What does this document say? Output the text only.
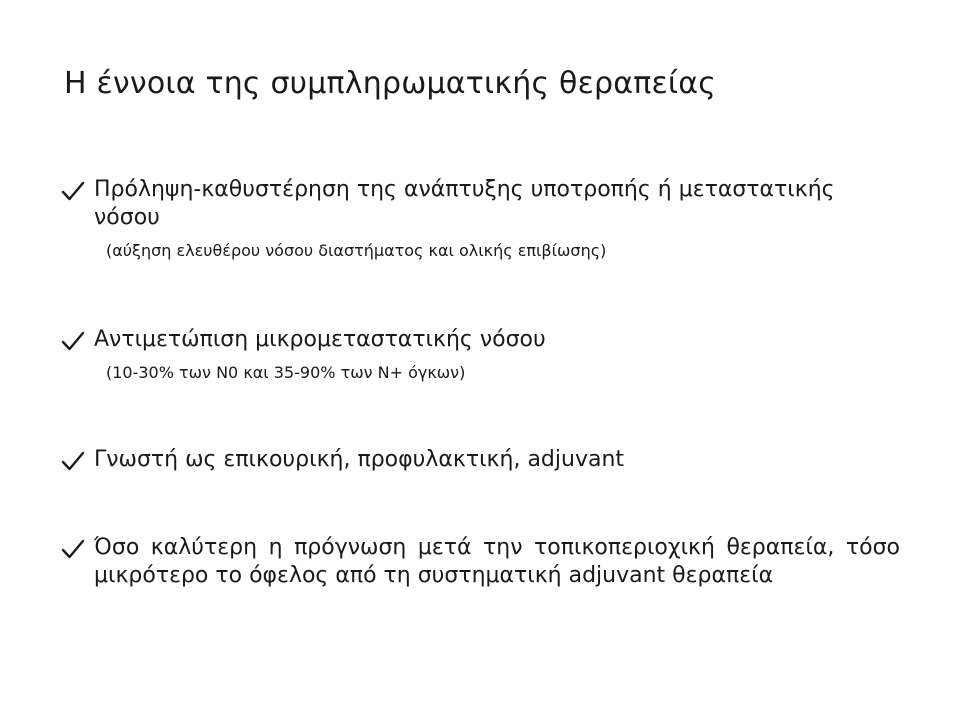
Η έννοια της συμπληρωματικής θεραπείας
Πρόληψη-καθυστέρηση της ανάπτυξης υποτροπής ή μεταστατικής νόσου
(αύξηση ελευθέρου νόσου διαστήματος και ολικής επιβίωσης)
Αντιμετώπιση μικρομεταστατικής νόσου
(10-30% των Ν0 και 35-90% των Ν+ όγκων)
Γνωστή ως επικουρική, προφυλακτική, adjuvant
Όσο καλύτερη η πρόγνωση μετά την τοπικοπεριοχική θεραπεία, τόσο μικρότερο το όφελος από τη συστηματική adjuvant θεραπεία
